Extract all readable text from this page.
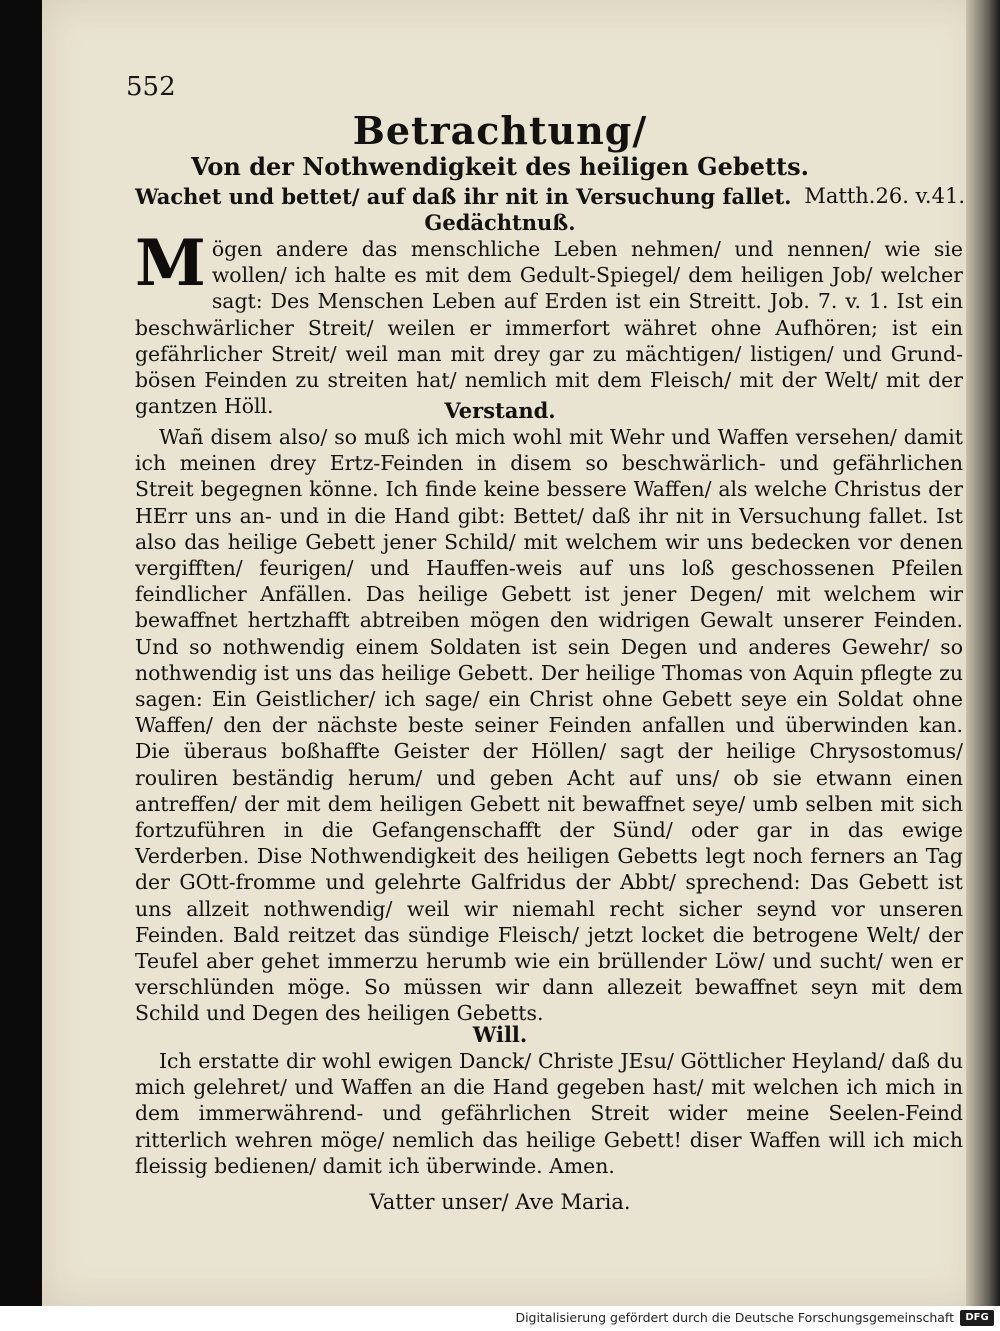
552
Betrachtung/
Von der Nothwendigkeit des heiligen Gebetts.
Wachet und bettet/ auf daß ihr nit in Versuchung fallet. Matth.26. v.41.
Gedächtnuß.
Mögen andere das menschliche Leben nehmen/ und nennen/ wie sie wollen/ ich halte es mit dem Gedult-Spiegel/ dem heiligen Job/ welcher sagt: Des Menschen Leben auf Erden ist ein Streitt. Job. 7. v. 1. Ist ein beschwärlicher Streit/ weilen er immerfort währet ohne Aufhören; ist ein gefährlicher Streit/ weil man mit drey gar zu mächtigen/ listigen/ und Grund-bösen Feinden zu streiten hat/ nemlich mit dem Fleisch/ mit der Welt/ mit der gantzen Höll.	Verstand.
Wañ disem also/ so muß ich mich wohl mit Wehr und Waffen versehen/ damit ich meinen drey Ertz-Feinden in disem so beschwärlich- und gefährlichen Streit begegnen könne. Ich finde keine bessere Waffen/ als welche Christus der HErr uns an- und in die Hand gibt: Bettet/ daß ihr nit in Versuchung fallet. Ist also das heilige Gebett jener Schild/ mit welchem wir uns bedecken vor denen vergifften/ feurigen/ und Hauffen-weis auf uns loß geschossenen Pfeilen feindlicher Anfällen. Das heilige Gebett ist jener Degen/ mit welchem wir bewaffnet hertzhafft abtreiben mögen den widrigen Gewalt unserer Feinden. Und so nothwendig einem Soldaten ist sein Degen und anderes Gewehr/ so nothwendig ist uns das heilige Gebett. Der heilige Thomas von Aquin pflegte zu sagen: Ein Geistlicher/ ich sage/ ein Christ ohne Gebett seye ein Soldat ohne Waffen/ den der nächste beste seiner Feinden anfallen und überwinden kan. Die überaus boßhaffte Geister der Höllen/ sagt der heilige Chrysostomus/ rouliren beständig herum/ und geben Acht auf uns/ ob sie etwann einen antreffen/ der mit dem heiligen Gebett nit bewaffnet seye/ umb selben mit sich fortzuführen in die Gefangenschafft der Sünd/ oder gar in das ewige Verderben. Dise Nothwendigkeit des heiligen Gebetts legt noch ferners an Tag der GOtt-fromme und gelehrte Galfridus der Abbt/ sprechend: Das Gebett ist uns allzeit nothwendig/ weil wir niemahl recht sicher seynd vor unseren Feinden. Bald reitzet das sündige Fleisch/ jetzt locket die betrogene Welt/ der Teufel aber gehet immerzu herumb wie ein brüllender Löw/ und sucht/ wen er verschlünden möge. So müssen wir dann allezeit bewaffnet seyn mit dem Schild und Degen des heiligen Gebetts.
Will.
Ich erstatte dir wohl ewigen Danck/ Christe JEsu/ Göttlicher Heyland/ daß du mich gelehret/ und Waffen an die Hand gegeben hast/ mit welchen ich mich in dem immerwährend- und gefährlichen Streit wider meine Seelen-Feind ritterlich wehren möge/ nemlich das heilige Gebett! diser Waffen will ich mich fleissig bedienen/ damit ich überwinde. Amen.
Vatter unser/ Ave Maria.
Digitalisierung gefördert durch die Deutsche Forschungsgemeinschaft	DFG
